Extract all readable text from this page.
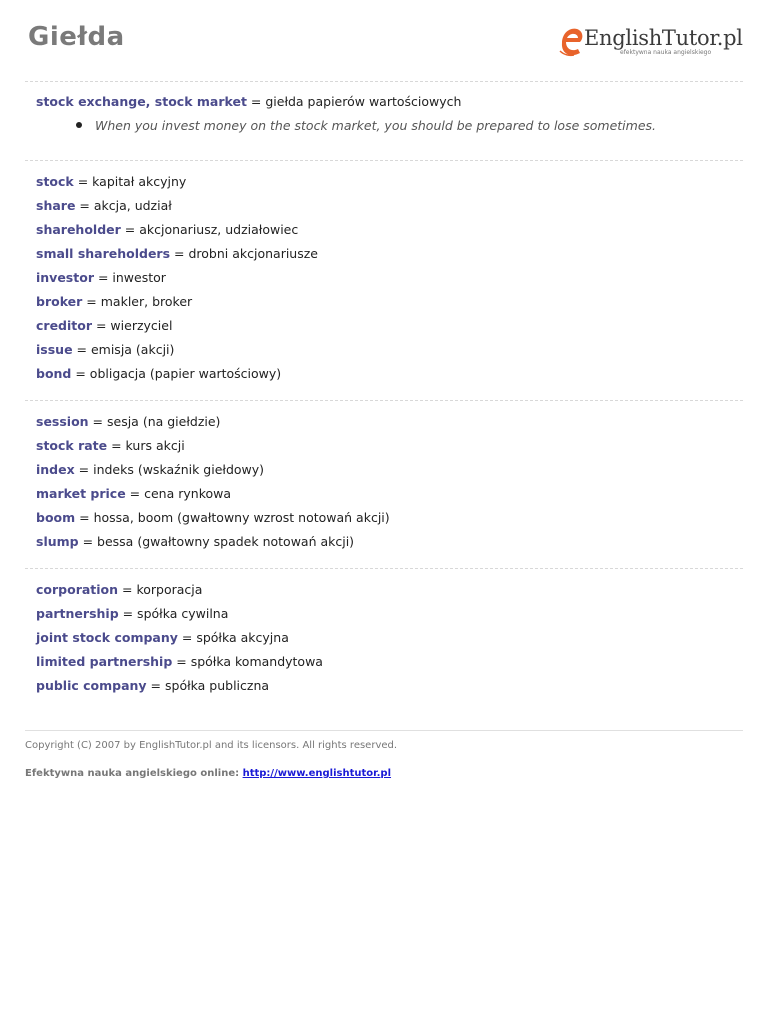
Giełda	EnglishTutor.pl
efektywna nauka angielskiego
stock exchange, stock market = giełda papierów wartościowych
When you invest money on the stock market, you should be prepared to lose sometimes.
stock = kapitał akcyjny
share = akcja, udział
shareholder = akcjonariusz, udziałowiec
small shareholders = drobni akcjonariusze
investor = inwestor
broker = makler, broker
creditor = wierzyciel
issue = emisja (akcji)
bond = obligacja (papier wartościowy)
session = sesja (na giełdzie)
stock rate = kurs akcji
index = indeks (wskaźnik giełdowy)
market price = cena rynkowa
boom = hossa, boom (gwałtowny wzrost notowań akcji)
slump = bessa (gwałtowny spadek notowań akcji)
corporation = korporacja
partnership = spółka cywilna
joint stock company = spółka akcyjna
limited partnership = spółka komandytowa
public company = spółka publiczna
Copyright (C) 2007 by EnglishTutor.pl and its licensors. All rights reserved.
Efektywna nauka angielskiego online: http://www.englishtutor.pl
